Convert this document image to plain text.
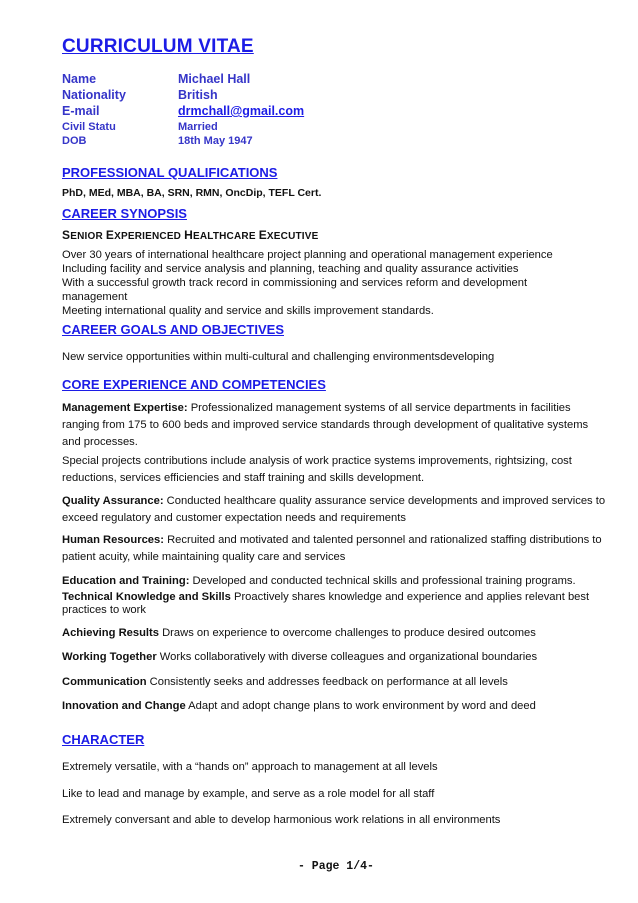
CURRICULUM VITAE
Name	Michael Hall
Nationality	British
E-mail	drmchall@gmail.com
Civil Statu	Married
DOB	18th May 1947
PROFESSIONAL QUALIFICATIONS
PhD, MEd, MBA, BA, SRN, RMN, OncDip, TEFL Cert.
CAREER SYNOPSIS
SENIOR EXPERIENCED HEALTHCARE EXECUTIVE
Over 30 years of international healthcare project planning and operational management experience
Including facility and service analysis and planning, teaching and quality assurance activities
With a successful growth track record in commissioning and services reform and development management
Meeting international quality and service and skills improvement standards.
CAREER GOALS AND OBJECTIVES
New service opportunities within multi-cultural and challenging environmentsdeveloping
CORE EXPERIENCE AND COMPETENCIES
Management Expertise: Professionalized management systems of all service departments in facilities ranging from 175 to 600 beds and improved service standards through development of qualitative systems and processes.
Special projects contributions include analysis of work practice systems improvements, rightsizing, cost reductions, services efficiencies and staff training and skills development.
Quality Assurance: Conducted healthcare quality assurance service developments and improved services to exceed regulatory and customer expectation needs and requirements
Human Resources: Recruited and motivated and talented personnel and rationalized staffing distributions to patient acuity, while maintaining quality care and services
Education and Training: Developed and conducted technical skills and professional training programs.
Technical Knowledge and Skills Proactively shares knowledge and experience and applies relevant best practices to work
Achieving Results Draws on experience to overcome challenges to produce desired outcomes
Working Together Works collaboratively with diverse colleagues and organizational boundaries
Communication Consistently seeks and addresses feedback on performance at all levels
Innovation and Change Adapt and adopt change plans to work environment by word and deed
CHARACTER
Extremely versatile, with a “hands on” approach to management at all levels
Like to lead and manage by example, and serve as a role model for all staff
Extremely conversant and able to develop harmonious work relations in all environments
- Page 1/4-
